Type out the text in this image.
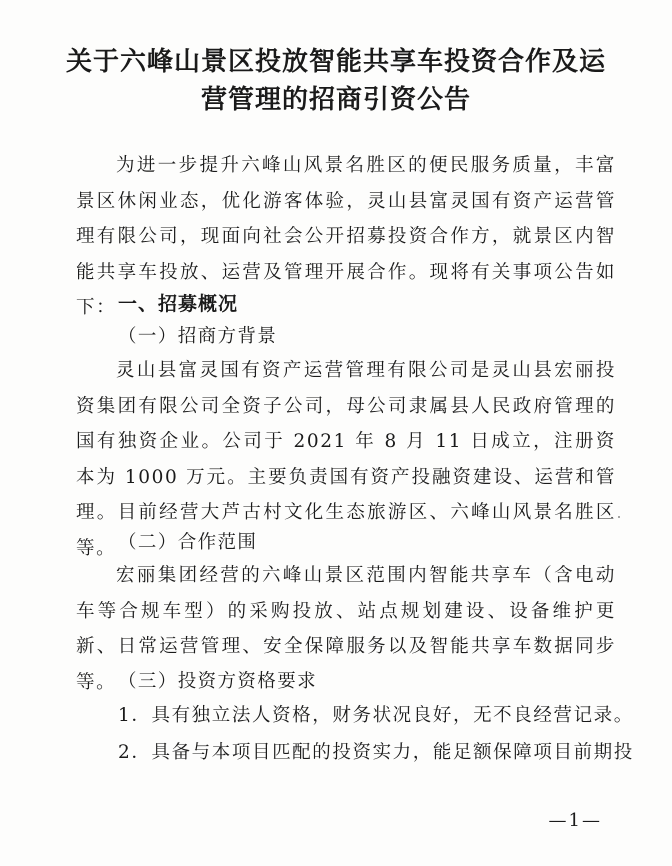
关于六峰山景区投放智能共享车投资合作及运
营管理的招商引资公告
为进一步提升六峰山风景名胜区的便民服务质量，丰富景区休闲业态，优化游客体验，灵山县富灵国有资产运营管理有限公司，现面向社会公开招募投资合作方，就景区内智能共享车投放、运营及管理开展合作。现将有关事项公告如下： 一、招募概况
（一）招商方背景
灵山县富灵国有资产运营管理有限公司是灵山县宏丽投资集团有限公司全资子公司，母公司隶属县人民政府管理的国有独资企业。公司于 2021 年 8 月 11 日成立，注册资本为 1000 万元。主要负责国有资产投融资建设、运营和管理。目前经营大芦古村文化生态旅游区、六峰山风景名胜区等。 （二）合作范围
宏丽集团经营的六峰山景区范围内智能共享车（含电动车等合规车型）的采购投放、站点规划建设、设备维护更新、日常运营管理、安全保障服务以及智能共享车数据同步等。 （三）投资方资格要求
1．具有独立法人资格，财务状况良好，无不良经营记录。
2．具备与本项目匹配的投资实力，能足额保障项目前期投
—1—
